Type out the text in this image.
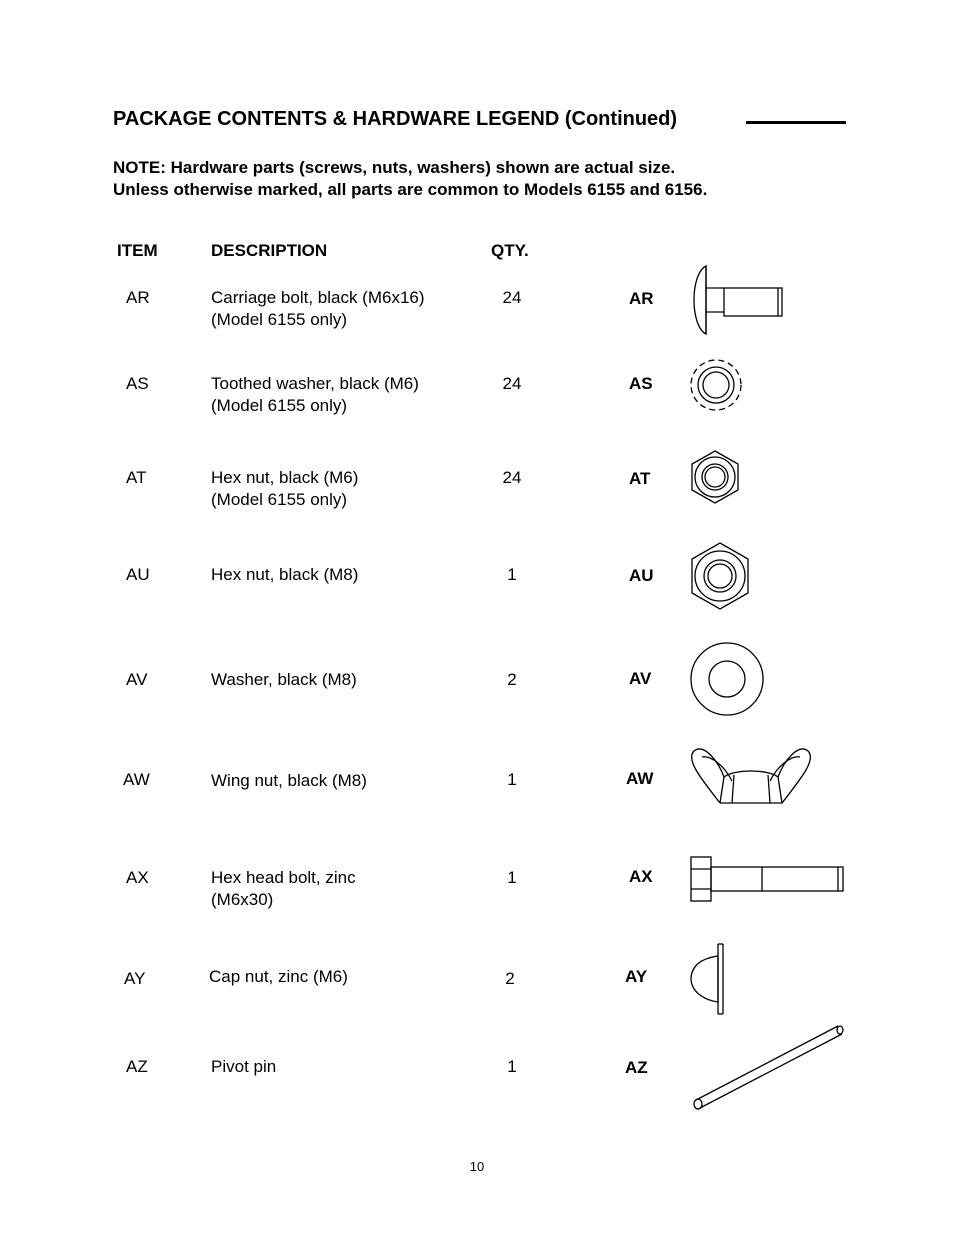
PACKAGE CONTENTS & HARDWARE LEGEND (Continued)
NOTE: Hardware parts (screws, nuts, washers) shown are actual size.
Unless otherwise marked, all parts are common to Models 6155 and 6156.
ITEM	DESCRIPTION	QTY.
AR	Carriage bolt, black (M6x16)
(Model 6155 only)
24	AR
AS	Toothed washer, black (M6)
(Model 6155 only)
24	AS
AT	Hex nut, black (M6)
(Model 6155 only)
24	AT
AU	Hex nut, black (M8)	1	AU
AV	Washer, black (M8)	2	AV
AW	Wing nut, black (M8)	1	AW
AX	Hex head bolt, zinc
(M6x30)
1	AX
AY	Cap nut, zinc (M6)	2	AY
AZ	Pivot pin	1	AZ
10
